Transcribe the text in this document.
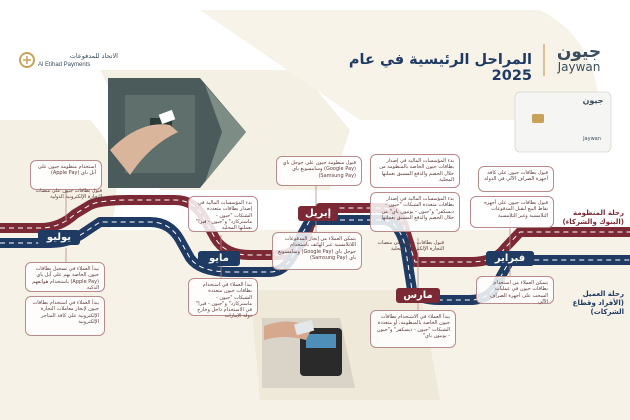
المراحل الرئيسية في عام 2025
جيون
Jaywan
الاتحاد للمدفوعات
Al Etihad Payments
جيون
Jaywan
رحلة المنظومة (البنوك والشركاء)
رحلة العميل (الأفراد وقطاع الشركات)
يوليو
مايو
إبريل
مارس
فبراير
استخدام منظومة جيون على آبل باي (Apple Pay)
قبول بطاقات جيون على منصات التجارة الإلكترونية الدولية
يبدأ العملاء في تسجيل بطاقات جيون الخاصة بهم على آبل باي (Apple Pay) باستخدام هواتفهم الذكية
يبدأ العملاء في استخدام بطاقات جيون لإنجاز معاملات التجارة الإلكترونية على كافة المتاجر الإلكترونية
بدء المؤسسات المالية في إصدار بطاقات متعددة الشبكات "جيون - ماستركارد" و"جيون - فيزا" بعملتها المحلية
يبدأ العملاء في استخدام بطاقات جيون متعددة الشبكات "جيون - ماستركارد" و"جيون - فيزا" في الاستخدام داخل وخارج دولة الإمارات
قبول منظومة جيون على جوجل باي (Google Pay) وسامسونغ باي (Samsung Pay)
يتمكن العملاء من إنجاز المدفوعات اللاتلامسية عبر الهاتف باستخدام جوجل باي (Google Pay) وسامسونغ باي (Samsung Pay)
بدء المؤسسات المالية في إصدار بطاقات جيون الخاصة بالمنظومة من خلال الخصم والدفع المسبق بعملتها المحلية
بدء المؤسسات المالية في إصدار بطاقات متعددة الشبكات "جيون - ديسكفر" و"جيون - يونيون باي" من خلال الخصم والدفع المسبق بعملتها
قبول بطاقات جيون على منصات التجارة الإلكترونية المحلية
يبدأ العملاء في الاستخدام بطاقات جيون الخاصة بالمنظومة، أو متعددة الشبكات "جيون - ديسكفر" و"جيون - يونيون باي"
قبول بطاقات جيون على كافة أجهزة الصراف الآلي في الدولة
قبول بطاقات جيون على أجهزة نقاط البيع لتقبل المدفوعات التلامسية وغير التلامسية
يتمكن العملاء من استخدام بطاقات جيون في عمليات السحب على أجهزة الصراف الآلي
